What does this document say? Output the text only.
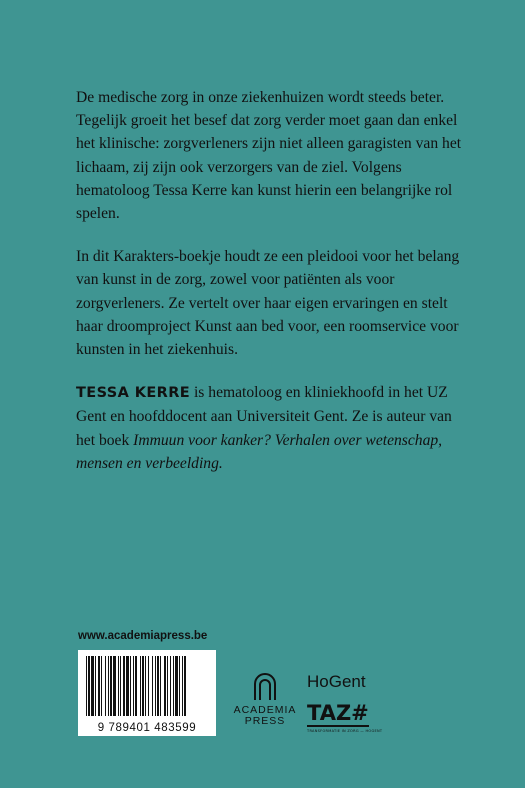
De medische zorg in onze ziekenhuizen wordt steeds beter. Tegelijk groeit het besef dat zorg verder moet gaan dan enkel het klinische: zorgverleners zijn niet alleen garagisten van het lichaam, zij zijn ook verzorgers van de ziel. Volgens hematoloog Tessa Kerre kan kunst hierin een belangrijke rol spelen.

In dit Karakters-boekje houdt ze een pleidooi voor het belang van kunst in de zorg, zowel voor patiënten als voor zorgverleners. Ze vertelt over haar eigen ervaringen en stelt haar droomproject Kunst aan bed voor, een roomservice voor kunsten in het ziekenhuis.

TESSA KERRE is hematoloog en kliniekhoofd in het UZ Gent en hoofddocent aan Universiteit Gent. Ze is auteur van het boek Immuun voor kanker? Verhalen over wetenschap, mensen en verbeelding.

www.academiapress.be
9 789401 483599
ACADEMIA
PRESS
HoGent
TAZ#
TRANSFORMATIE IN ZORG — HOGENT
